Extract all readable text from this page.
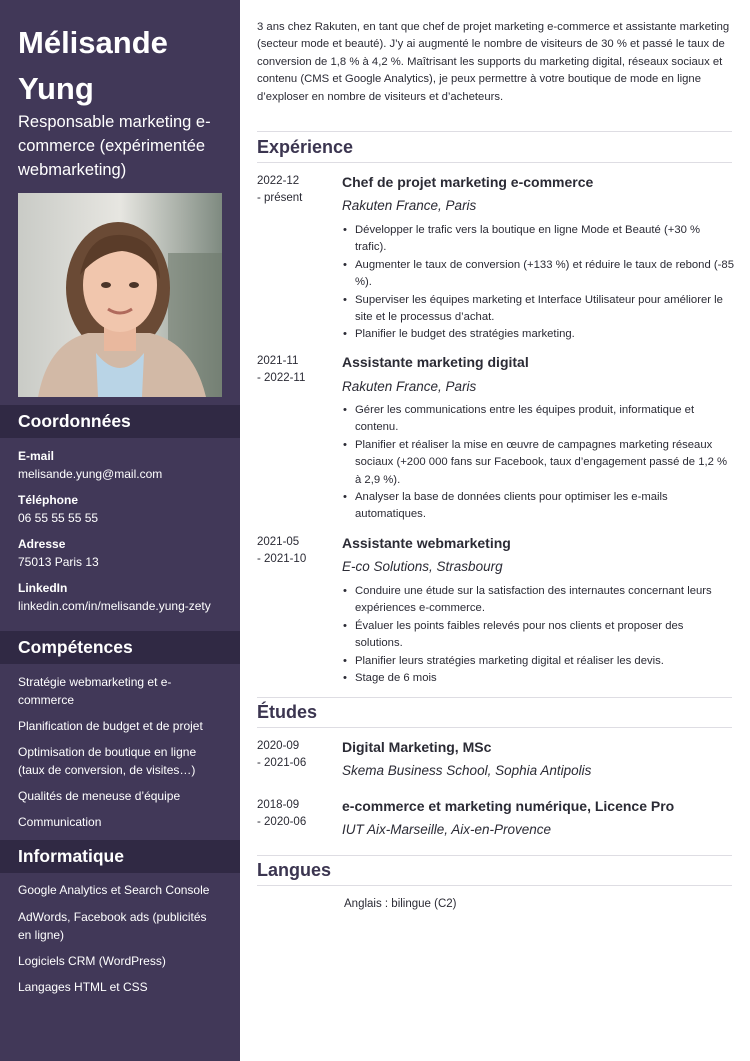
Mélisande
Yung
Responsable marketing e-commerce (expérimentée webmarketing)
Coordonnées
E-mail
melisande.yung@mail.com
Téléphone
06 55 55 55 55
Adresse
75013 Paris 13
LinkedIn
linkedin.com/in/melisande.yung-zety
Compétences
Stratégie webmarketing et e-commerce
Planification de budget et de projet
Optimisation de boutique en ligne (taux de conversion, de visites…)
Qualités de meneuse d’équipe
Communication
Informatique
Google Analytics et Search Console
AdWords, Facebook ads (publicités en ligne)
Logiciels CRM (WordPress)
Langages HTML et CSS
3 ans chez Rakuten, en tant que chef de projet marketing e-commerce et assistante marketing (secteur mode et beauté). J’y ai augmenté le nombre de visiteurs de 30 % et passé le taux de conversion de 1,8 % à 4,2 %. Maîtrisant les supports du marketing digital, réseaux sociaux et contenu (CMS et Google Analytics), je peux permettre à votre boutique de mode en ligne d’exploser en nombre de visiteurs et d’acheteurs.
Expérience
2022-12
- présent
Chef de projet marketing e-commerce
Rakuten France, Paris
• Développer le trafic vers la boutique en ligne Mode et Beauté (+30 % trafic).
• Augmenter le taux de conversion (+133 %) et réduire le taux de rebond (-85 %).
• Superviser les équipes marketing et Interface Utilisateur pour améliorer le site et le processus d’achat.
• Planifier le budget des stratégies marketing.
2021-11
- 2022-11
Assistante marketing digital
Rakuten France, Paris
• Gérer les communications entre les équipes produit, informatique et contenu.
• Planifier et réaliser la mise en œuvre de campagnes marketing réseaux sociaux (+200 000 fans sur Facebook, taux d’engagement passé de 1,2 % à 2,9 %).
• Analyser la base de données clients pour optimiser les e-mails automatiques.
2021-05
- 2021-10
Assistante webmarketing
E-co Solutions, Strasbourg
• Conduire une étude sur la satisfaction des internautes concernant leurs expériences e-commerce.
• Évaluer les points faibles relevés pour nos clients et proposer des solutions.
• Planifier leurs stratégies marketing digital et réaliser les devis.
• Stage de 6 mois
Études
2020-09
- 2021-06
Digital Marketing, MSc
Skema Business School, Sophia Antipolis
2018-09
- 2020-06
e-commerce et marketing numérique, Licence Pro
IUT Aix-Marseille, Aix-en-Provence
Langues
Anglais : bilingue (C2)
